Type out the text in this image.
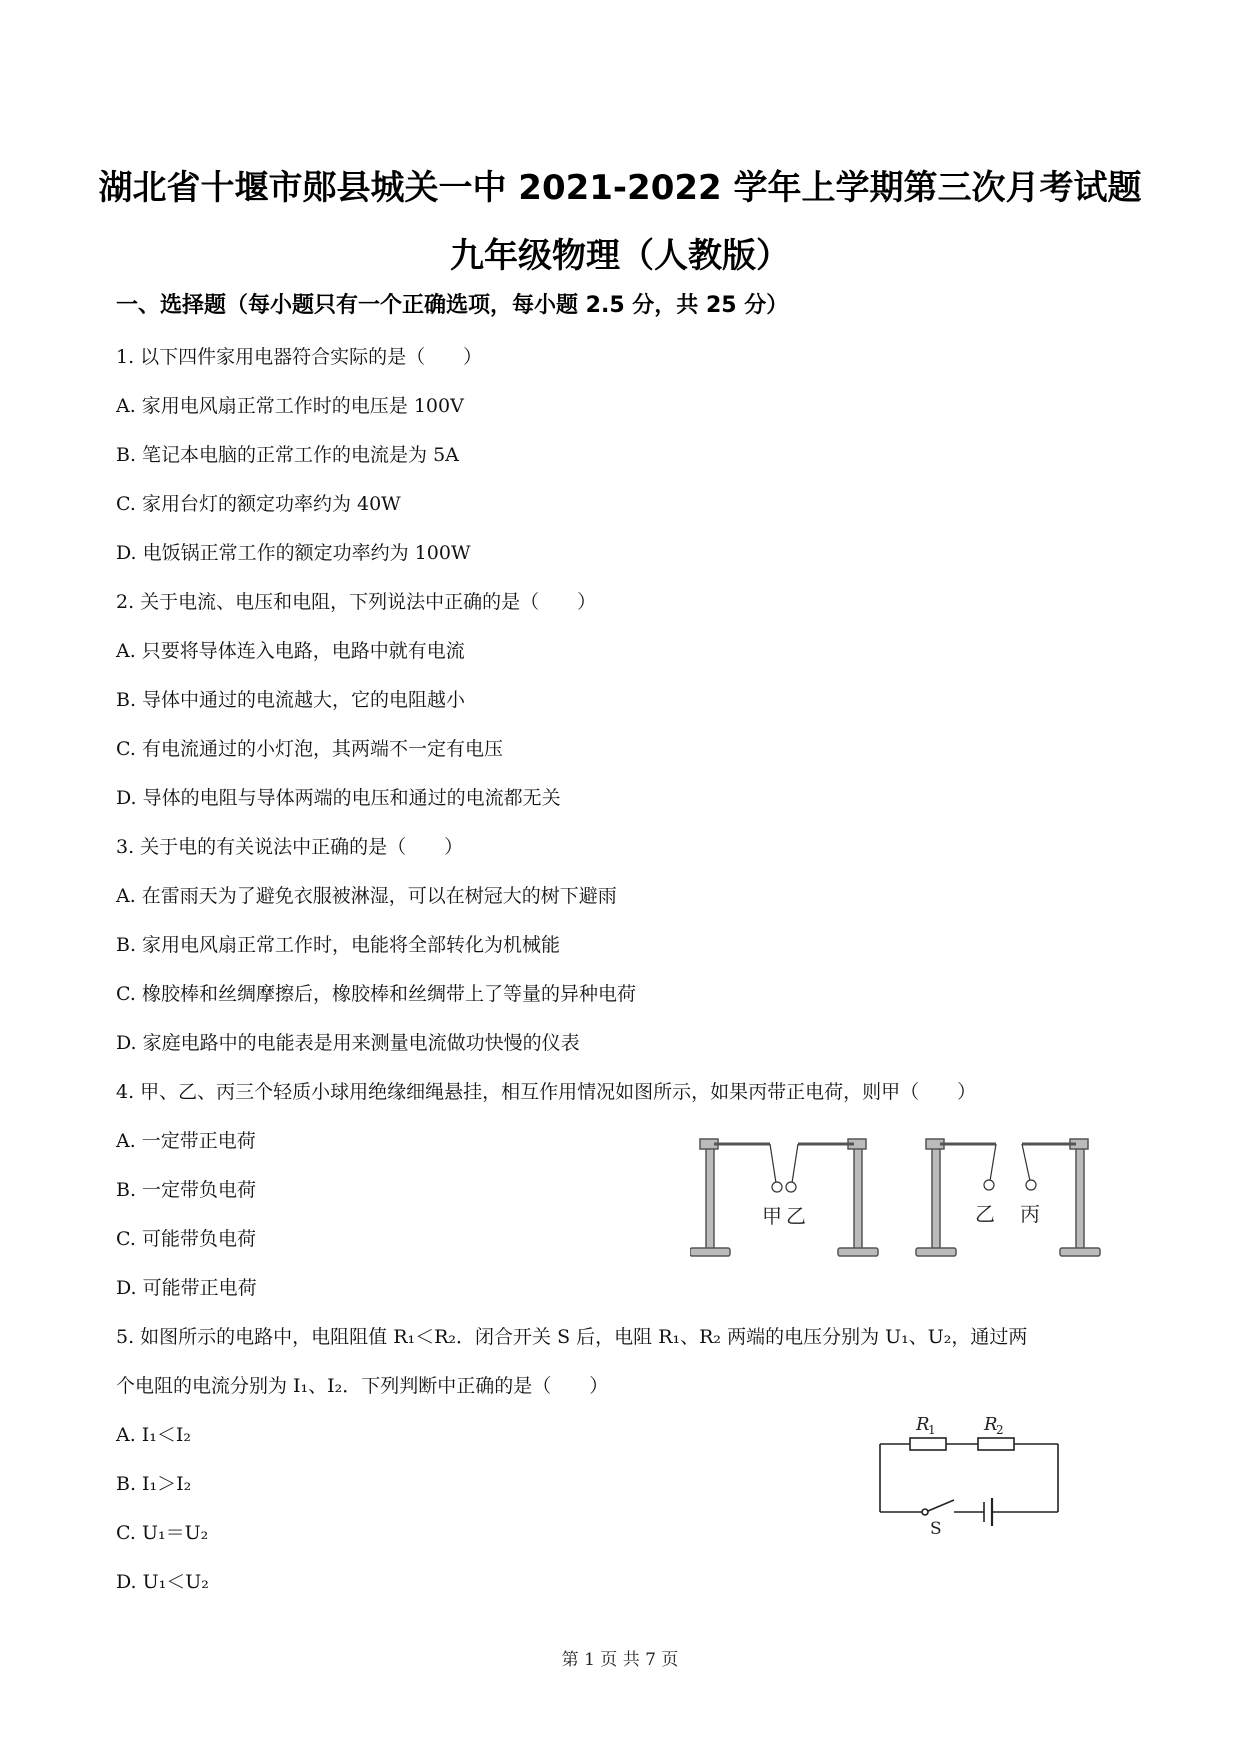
湖北省十堰市郧县城关一中 2021-2022 学年上学期第三次月考试题
九年级物理（人教版）
一、选择题（每小题只有一个正确选项，每小题 2.5 分，共 25 分）
1. 以下四件家用电器符合实际的是（　　）
A. 家用电风扇正常工作时的电压是 100V
B. 笔记本电脑的正常工作的电流是为 5A
C. 家用台灯的额定功率约为 40W
D. 电饭锅正常工作的额定功率约为 100W
2. 关于电流、电压和电阻，下列说法中正确的是（　　）
A. 只要将导体连入电路，电路中就有电流
B. 导体中通过的电流越大，它的电阻越小
C. 有电流通过的小灯泡，其两端不一定有电压
D. 导体的电阻与导体两端的电压和通过的电流都无关
3. 关于电的有关说法中正确的是（　　）
A. 在雷雨天为了避免衣服被淋湿，可以在树冠大的树下避雨
B. 家用电风扇正常工作时，电能将全部转化为机械能
C. 橡胶棒和丝绸摩擦后，橡胶棒和丝绸带上了等量的异种电荷
D. 家庭电路中的电能表是用来测量电流做功快慢的仪表
4. 甲、乙、丙三个轻质小球用绝缘细绳悬挂，相互作用情况如图所示，如果丙带正电荷，则甲（　　）
A. 一定带正电荷
B. 一定带负电荷
C. 可能带负电荷
D. 可能带正电荷
甲 乙	乙 丙
5. 如图所示的电路中，电阻阻值 R₁＜R₂．闭合开关 S 后，电阻 R₁、R₂ 两端的电压分别为 U₁、U₂，通过两
个电阻的电流分别为 I₁、I₂．下列判断中正确的是（　　）
A. I₁＜I₂
B. I₁＞I₂
C. U₁＝U₂
D. U₁＜U₂
R
1	R
2
S
第 1 页 共 7 页
